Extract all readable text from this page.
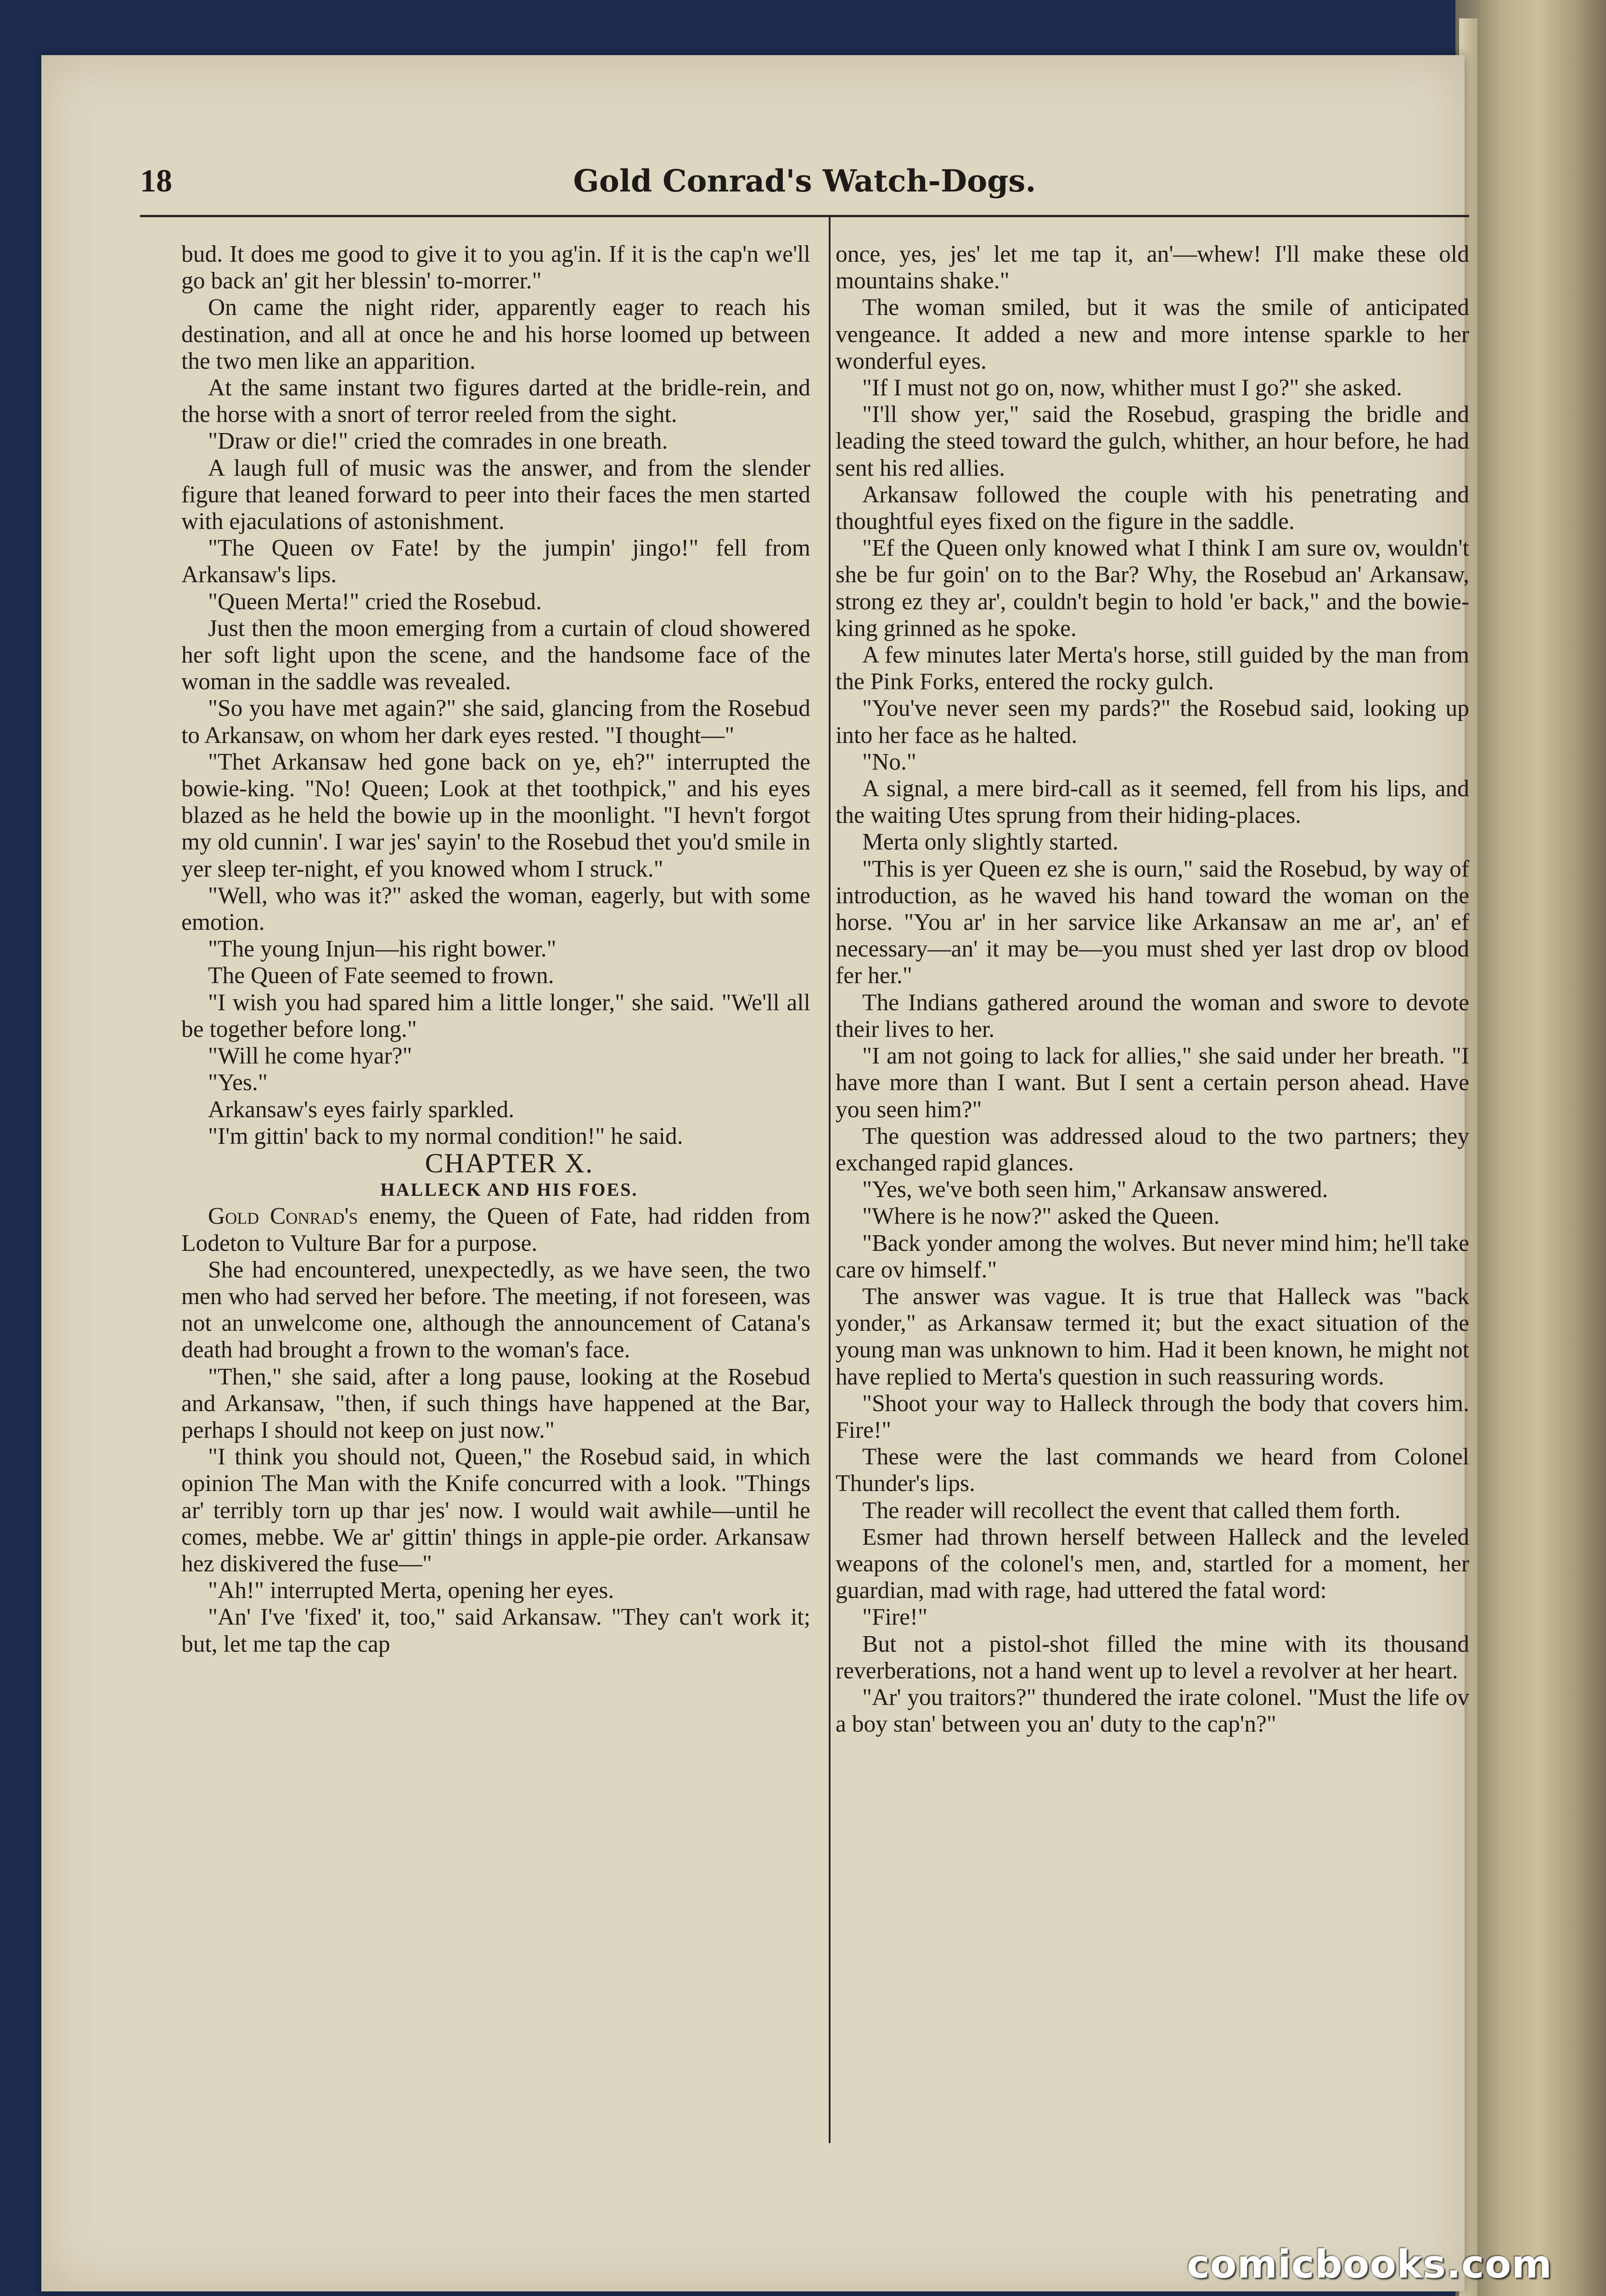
18	Gold Conrad's Watch-Dogs.

bud. It does me good to give it to you ag'in. If it is the cap'n we'll go back an' git her blessin' to-morrer."

On came the night rider, apparently eager to reach his destination, and all at once he and his horse loomed up between the two men like an apparition.

At the same instant two figures darted at the bridle-rein, and the horse with a snort of terror reeled from the sight.

"Draw or die!" cried the comrades in one breath.

A laugh full of music was the answer, and from the slender figure that leaned forward to peer into their faces the men started with ejaculations of astonishment.

"The Queen ov Fate! by the jumpin' jingo!" fell from Arkansaw's lips.

"Queen Merta!" cried the Rosebud.

Just then the moon emerging from a curtain of cloud showered her soft light upon the scene, and the handsome face of the woman in the saddle was revealed.

"So you have met again?" she said, glancing from the Rosebud to Arkansaw, on whom her dark eyes rested. "I thought—"

"Thet Arkansaw hed gone back on ye, eh?" interrupted the bowie-king. "No! Queen; Look at thet toothpick," and his eyes blazed as he held the bowie up in the moonlight. "I hevn't forgot my old cunnin'. I war jes' sayin' to the Rosebud thet you'd smile in yer sleep ter-night, ef you knowed whom I struck."

"Well, who was it?" asked the woman, eagerly, but with some emotion.

"The young Injun—his right bower."

The Queen of Fate seemed to frown.

"I wish you had spared him a little longer," she said. "We'll all be together before long."

"Will he come hyar?"

"Yes."

Arkansaw's eyes fairly sparkled.

"I'm gittin' back to my normal condition!" he said.

CHAPTER X.

HALLECK AND HIS FOES.

Gold Conrad's enemy, the Queen of Fate, had ridden from Lodeton to Vulture Bar for a purpose.

She had encountered, unexpectedly, as we have seen, the two men who had served her before. The meeting, if not foreseen, was not an unwelcome one, although the announcement of Catana's death had brought a frown to the woman's face.

"Then," she said, after a long pause, looking at the Rosebud and Arkansaw, "then, if such things have happened at the Bar, perhaps I should not keep on just now."

"I think you should not, Queen," the Rosebud said, in which opinion The Man with the Knife concurred with a look. "Things ar' terribly torn up thar jes' now. I would wait awhile—until he comes, mebbe. We ar' gittin' things in apple-pie order. Arkansaw hez diskivered the fuse—"

"Ah!" interrupted Merta, opening her eyes.

"An' I've 'fixed' it, too," said Arkansaw. "They can't work it; but, let me tap the cap

once, yes, jes' let me tap it, an'—whew! I'll make these old mountains shake."

The woman smiled, but it was the smile of anticipated vengeance. It added a new and more intense sparkle to her wonderful eyes.

"If I must not go on, now, whither must I go?" she asked.

"I'll show yer," said the Rosebud, grasping the bridle and leading the steed toward the gulch, whither, an hour before, he had sent his red allies.

Arkansaw followed the couple with his penetrating and thoughtful eyes fixed on the figure in the saddle.

"Ef the Queen only knowed what I think I am sure ov, wouldn't she be fur goin' on to the Bar? Why, the Rosebud an' Arkansaw, strong ez they ar', couldn't begin to hold 'er back," and the bowie-king grinned as he spoke.

A few minutes later Merta's horse, still guided by the man from the Pink Forks, entered the rocky gulch.

"You've never seen my pards?" the Rosebud said, looking up into her face as he halted.

"No."

A signal, a mere bird-call as it seemed, fell from his lips, and the waiting Utes sprung from their hiding-places.

Merta only slightly started.

"This is yer Queen ez she is ourn," said the Rosebud, by way of introduction, as he waved his hand toward the woman on the horse. "You ar' in her sarvice like Arkansaw an me ar', an' ef necessary—an' it may be—you must shed yer last drop ov blood fer her."

The Indians gathered around the woman and swore to devote their lives to her.

"I am not going to lack for allies," she said under her breath. "I have more than I want. But I sent a certain person ahead. Have you seen him?"

The question was addressed aloud to the two partners; they exchanged rapid glances.

"Yes, we've both seen him," Arkansaw answered.

"Where is he now?" asked the Queen.

"Back yonder among the wolves. But never mind him; he'll take care ov himself."

The answer was vague. It is true that Halleck was "back yonder," as Arkansaw termed it; but the exact situation of the young man was unknown to him. Had it been known, he might not have replied to Merta's question in such reassuring words.

"Shoot your way to Halleck through the body that covers him. Fire!"

These were the last commands we heard from Colonel Thunder's lips.

The reader will recollect the event that called them forth.

Esmer had thrown herself between Halleck and the leveled weapons of the colonel's men, and, startled for a moment, her guardian, mad with rage, had uttered the fatal word:

"Fire!"

But not a pistol-shot filled the mine with its thousand reverberations, not a hand went up to level a revolver at her heart.

"Ar' you traitors?" thundered the irate colonel. "Must the life ov a boy stan' between you an' duty to the cap'n?"

comicbooks.com
